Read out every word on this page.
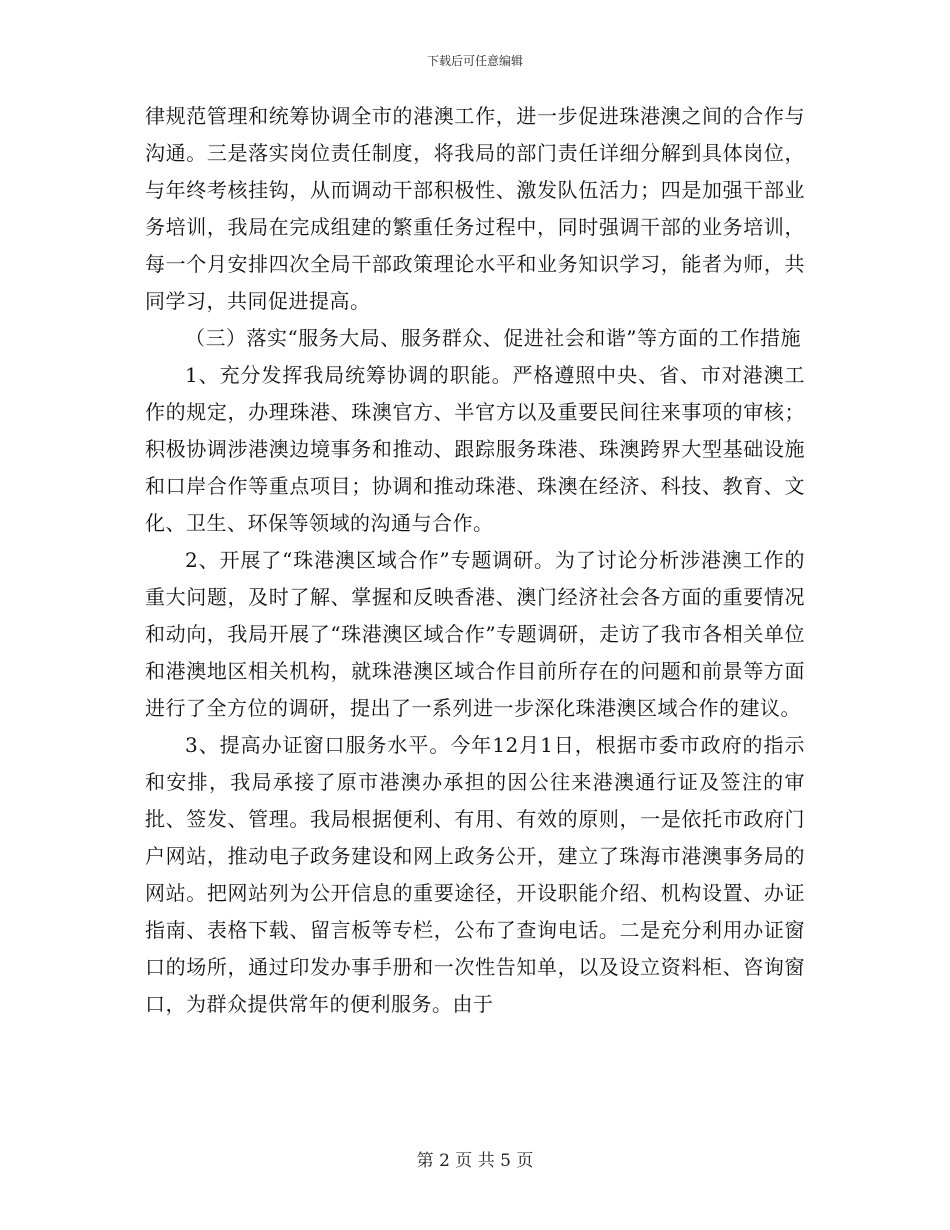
下载后可任意编辑

律规范管理和统筹协调全市的港澳工作，进一步促进珠港澳之间的合作与沟通。三是落实岗位责任制度，将我局的部门责任详细分解到具体岗位，与年终考核挂钩，从而调动干部积极性、激发队伍活力；四是加强干部业务培训，我局在完成组建的繁重任务过程中，同时强调干部的业务培训，每一个月安排四次全局干部政策理论水平和业务知识学习，能者为师，共同学习，共同促进提高。

（三）落实“服务大局、服务群众、促进社会和谐”等方面的工作措施

1、充分发挥我局统筹协调的职能。严格遵照中央、省、市对港澳工作的规定，办理珠港、珠澳官方、半官方以及重要民间往来事项的审核；积极协调涉港澳边境事务和推动、跟踪服务珠港、珠澳跨界大型基础设施和口岸合作等重点项目；协调和推动珠港、珠澳在经济、科技、教育、文化、卫生、环保等领域的沟通与合作。

2、开展了“珠港澳区域合作”专题调研。为了讨论分析涉港澳工作的重大问题，及时了解、掌握和反映香港、澳门经济社会各方面的重要情况和动向，我局开展了“珠港澳区域合作”专题调研，走访了我市各相关单位和港澳地区相关机构，就珠港澳区域合作目前所存在的问题和前景等方面进行了全方位的调研，提出了一系列进一步深化珠港澳区域合作的建议。

3、提高办证窗口服务水平。今年12月1日，根据市委市政府的指示和安排，我局承接了原市港澳办承担的因公往来港澳通行证及签注的审批、签发、管理。我局根据便利、有用、有效的原则，一是依托市政府门户网站，推动电子政务建设和网上政务公开，建立了珠海市港澳事务局的网站。把网站列为公开信息的重要途径，开设职能介绍、机构设置、办证指南、表格下载、留言板等专栏，公布了查询电话。二是充分利用办证窗口的场所，通过印发办事手册和一次性告知单，以及设立资料柜、咨询窗口，为群众提供常年的便利服务。由于

第 2 页 共 5 页
